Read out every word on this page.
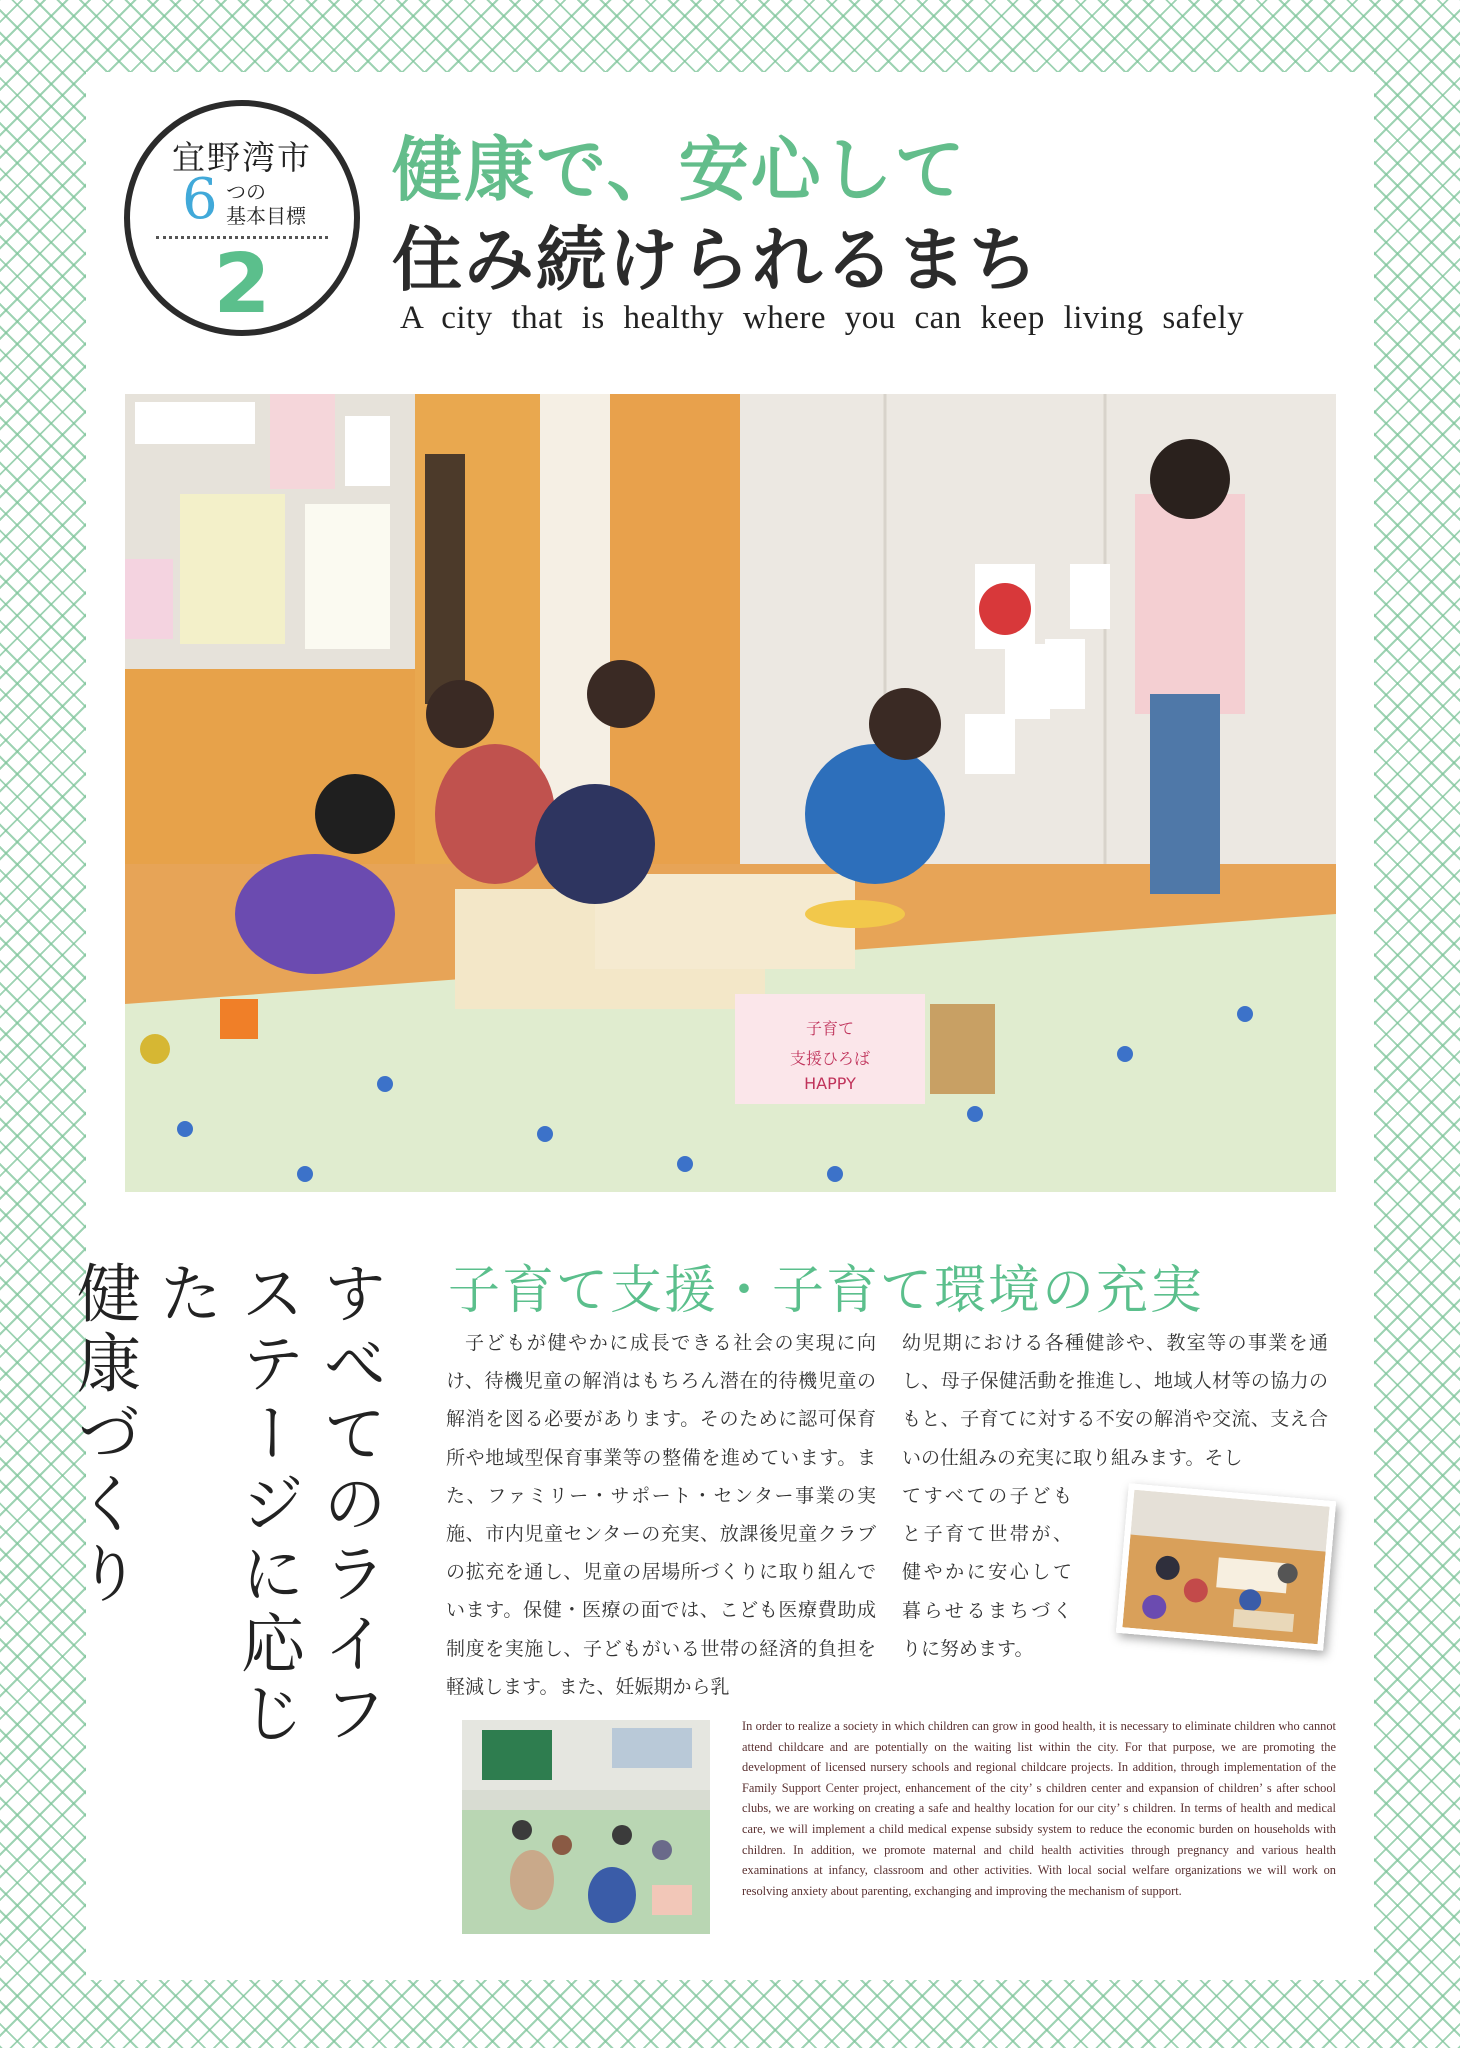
宜野湾市
6 つの
基本目標
2
健康で、安心して
住み続けられるまち
A city that is healthy where you can keep living safely
子育て
支援ひろば
HAPPY
すべてのライフ
ステージに応じた
健康づくり	子育て支援・子育て環境の充実
子どもが健やかに成長できる社会の実現に向け、待機児童の解消はもちろん潜在的待機児童の解消を図る必要があります。そのために認可保育所や地域型保育事業等の整備を進めています。また、ファミリー・サポート・センター事業の実施、市内児童センターの充実、放課後児童クラブの拡充を通し、児童の居場所づくりに取り組んでいます。保健・医療の面では、こども医療費助成制度を実施し、子どもがいる世帯の経済的負担を軽減します。また、妊娠期から乳
幼児期における各種健診や、教室等の事業を通し、母子保健活動を推進し、地域人材等の協力のもと、子育てに対する不安の解消や交流、支え合いの仕組みの充実に取り組みます。そし
てすべての子どもと子育て世帯が、健やかに安心して暮らせるまちづくりに努めます。
In order to realize a society in which children can grow in good health, it is necessary to eliminate children who cannot attend childcare and are potentially on the waiting list within the city. For that purpose, we are promoting the development of licensed nursery schools and regional childcare projects. In addition, through implementation of the Family Support Center project, enhancement of the city’ s children center and expansion of children’ s after school clubs, we are working on creating a safe and healthy location for our city’ s children. In terms of health and medical care, we will implement a child medical expense subsidy system to reduce the economic burden on households with children. In addition, we promote maternal and child health activities through pregnancy and various health examinations at infancy, classroom and other activities. With local social welfare organizations we will work on resolving anxiety about parenting, exchanging and improving the mechanism of support.
